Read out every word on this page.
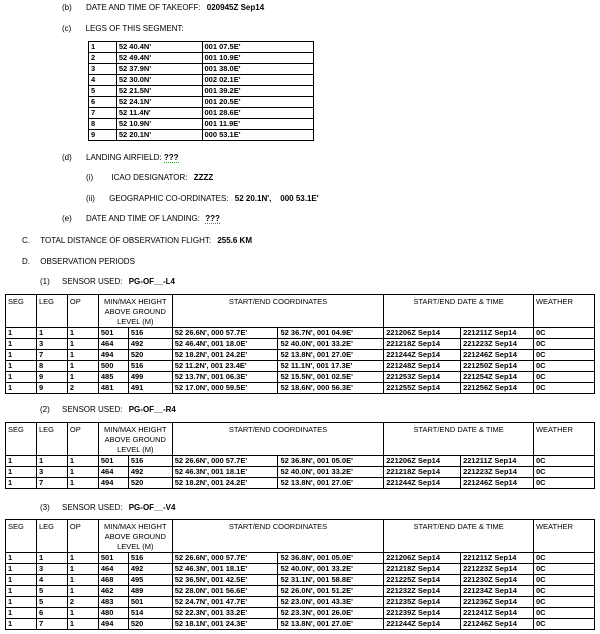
(b) DATE AND TIME OF TAKEOFF: 020945Z Sep14
(c) LEGS OF THIS SEGMENT:
1	52 40.4N'	001 07.5E'
2	52 49.4N'	001 10.9E'
3	52 37.9N'	001 38.0E'
4	52 30.0N'	002 02.1E'
5	52 21.5N'	001 39.2E'
6	52 24.1N'	001 20.5E'
7	52 11.4N'	001 28.6E'
8	52 10.9N'	001 11.9E'
9	52 20.1N'	000 53.1E'
(d) LANDING AIRFIELD: ???
(i) ICAO DESIGNATOR: ZZZZ
(ii) GEOGRAPHIC CO-ORDINATES: 52 20.1N',    000 53.1E'
(e) DATE AND TIME OF LANDING: ???
C. TOTAL DISTANCE OF OBSERVATION FLIGHT: 255.6 KM
D. OBSERVATION PERIODS
(1) SENSOR USED: PG-OF__-L4
SEG	LEG	OP	MIN/MAX HEIGHT ABOVE GROUND LEVEL (M)		START/END COORDINATES		START/END DATE & TIME		WEATHER
1	1	1	501	516	52 26.6N', 000 57.7E'	52 36.7N', 001 04.9E'	221206Z Sep14	221211Z Sep14	0C
1	3	1	464	492	52 46.4N', 001 18.0E'	52 40.0N', 001 33.2E'	221218Z Sep14	221223Z Sep14	0C
1	7	1	494	520	52 18.2N', 001 24.2E'	52 13.8N', 001 27.0E'	221244Z Sep14	221246Z Sep14	0C
1	8	1	500	516	52 11.2N', 001 23.4E'	52 11.1N', 001 17.3E'	221248Z Sep14	221250Z Sep14	0C
1	9	1	485	499	52 13.7N', 001 06.3E'	52 15.5N', 001 02.5E'	221253Z Sep14	221254Z Sep14	0C
1	9	2	481	491	52 17.0N', 000 59.5E'	52 18.6N', 000 56.3E'	221255Z Sep14	221256Z Sep14	0C
(2) SENSOR USED: PG-OF__-R4
SEG	LEG	OP	MIN/MAX HEIGHT ABOVE GROUND LEVEL (M)		START/END COORDINATES		START/END DATE & TIME		WEATHER
1	1	1	501	516	52 26.6N', 000 57.7E'	52 36.8N', 001 05.0E'	221206Z Sep14	221211Z Sep14	0C
1	3	1	464	492	52 46.3N', 001 18.1E'	52 40.0N', 001 33.2E'	221218Z Sep14	221223Z Sep14	0C
1	7	1	494	520	52 18.2N', 001 24.2E'	52 13.8N', 001 27.0E'	221244Z Sep14	221246Z Sep14	0C
(3) SENSOR USED: PG-OF__-V4
SEG	LEG	OP	MIN/MAX HEIGHT ABOVE GROUND LEVEL (M)		START/END COORDINATES		START/END DATE & TIME		WEATHER
1	1	1	501	516	52 26.6N', 000 57.7E'	52 36.8N', 001 05.0E'	221206Z Sep14	221211Z Sep14	0C
1	3	1	464	492	52 46.3N', 001 18.1E'	52 40.0N', 001 33.2E'	221218Z Sep14	221223Z Sep14	0C
1	4	1	468	495	52 36.5N', 001 42.5E'	52 31.1N', 001 58.8E'	221225Z Sep14	221230Z Sep14	0C
1	5	1	462	489	52 28.0N', 001 56.6E'	52 26.0N', 001 51.2E'	221232Z Sep14	221234Z Sep14	0C
1	5	2	483	501	52 24.7N', 001 47.7E'	52 23.0N', 001 43.3E'	221235Z Sep14	221236Z Sep14	0C
1	6	1	480	514	52 22.3N', 001 33.2E'	52 23.3N', 001 26.0E'	221239Z Sep14	221241Z Sep14	0C
1	7	1	494	520	52 18.1N', 001 24.3E'	52 13.8N', 001 27.0E'	221244Z Sep14	221246Z Sep14	0C
